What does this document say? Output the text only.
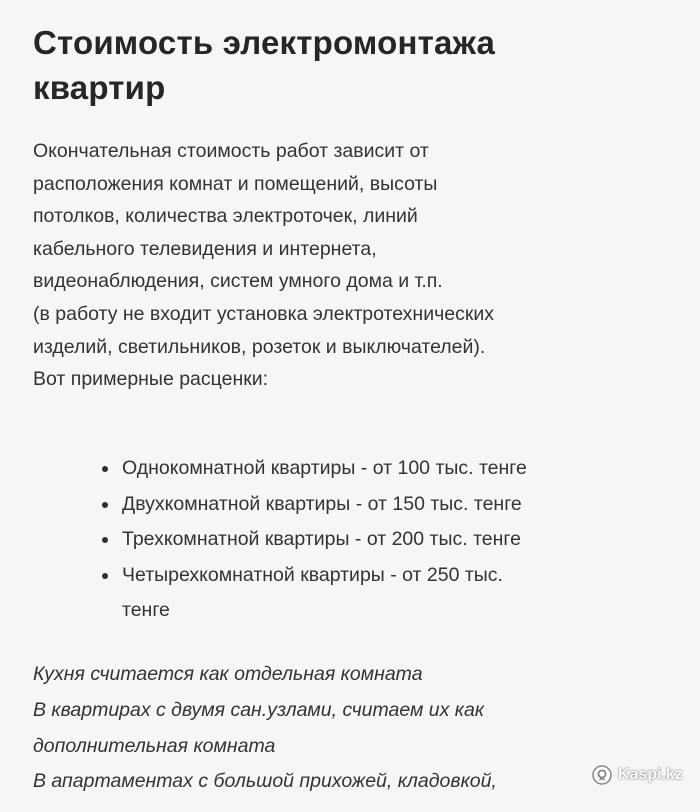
Стоимость электромонтажа
квартир

Окончательная стоимость работ зависит от
расположения комнат и помещений, высоты
потолков, количества электроточек, линий
кабельного телевидения и интернета,
видеонаблюдения, систем умного дома и т.п.
(в работу не входит установка электротехнических
изделий, светильников, розеток и выключателей).
Вот примерные расценки:

Однокомнатной квартиры - от 100 тыс. тенге
Двухкомнатной квартиры - от 150 тыс. тенге
Трехкомнатной квартиры - от 200 тыс. тенге
Четырехкомнатной квартиры - от 250 тыс.
тенге

Кухня считается как отдельная комната
В квартирах с двумя сан.узлами, считаем их как
дополнительная комната
В апартаментах с большой прихожей, кладовкой,	Kaspi.kz
